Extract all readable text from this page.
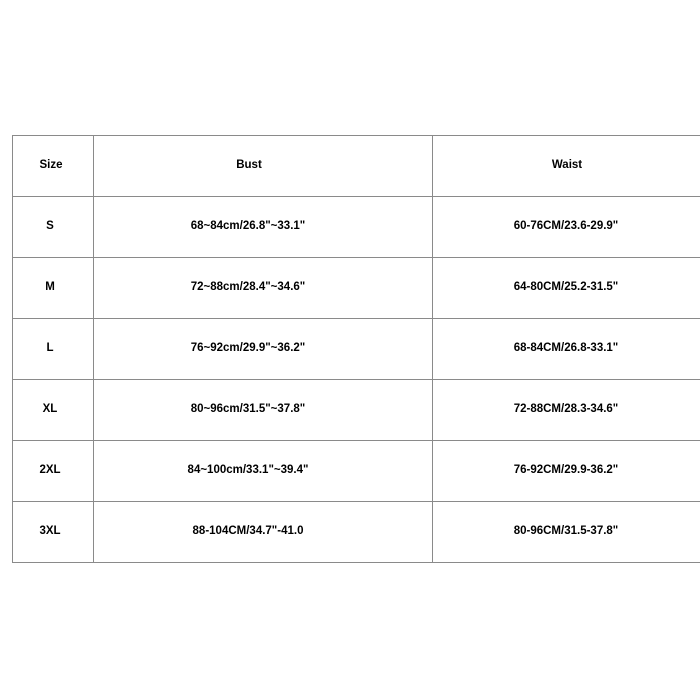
Size	Bust	Waist

S	68~84cm/26.8"~33.1"	60-76CM/23.6-29.9"

M	72~88cm/28.4"~34.6"	64-80CM/25.2-31.5"

L	76~92cm/29.9"~36.2"	68-84CM/26.8-33.1"

XL	80~96cm/31.5"~37.8"	72-88CM/28.3-34.6"

2XL	84~100cm/33.1"~39.4"	76-92CM/29.9-36.2"

3XL	88-104CM/34.7"-41.0	80-96CM/31.5-37.8"
